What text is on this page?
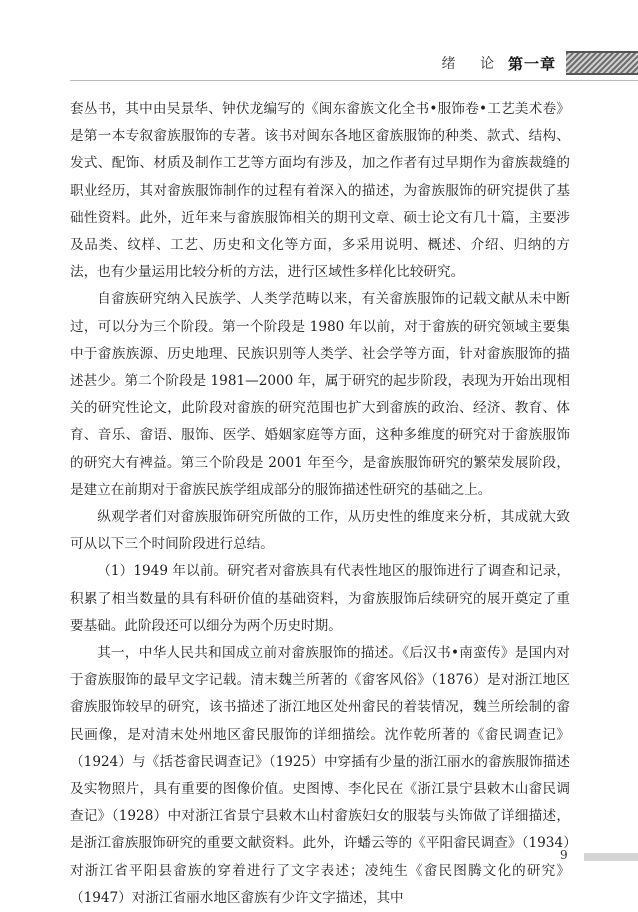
绪 论 第一章

套丛书，其中由吴景华、钟伏龙编写的《闽东畲族文化全书•服饰卷•工艺美术卷》是第一本专叙畲族服饰的专著。该书对闽东各地区畲族服饰的种类、款式、结构、发式、配饰、材质及制作工艺等方面均有涉及，加之作者有过早期作为畲族裁缝的职业经历，其对畲族服饰制作的过程有着深入的描述，为畲族服饰的研究提供了基础性资料。此外，近年来与畲族服饰相关的期刊文章、硕士论文有几十篇，主要涉及品类、纹样、工艺、历史和文化等方面，多采用说明、概述、介绍、归纳的方法，也有少量运用比较分析的方法，进行区域性多样化比较研究。

自畲族研究纳入民族学、人类学范畴以来，有关畲族服饰的记载文献从未中断过，可以分为三个阶段。第一个阶段是 1980 年以前，对于畲族的研究领域主要集中于畲族族源、历史地理、民族识别等人类学、社会学等方面，针对畲族服饰的描述甚少。第二个阶段是 1981—2000 年，属于研究的起步阶段，表现为开始出现相关的研究性论文，此阶段对畲族的研究范围也扩大到畲族的政治、经济、教育、体育、音乐、畲语、服饰、医学、婚姻家庭等方面，这种多维度的研究对于畲族服饰的研究大有裨益。第三个阶段是 2001 年至今，是畲族服饰研究的繁荣发展阶段，是建立在前期对于畲族民族学组成部分的服饰描述性研究的基础之上。

纵观学者们对畲族服饰研究所做的工作，从历史性的维度来分析，其成就大致可从以下三个时间阶段进行总结。

（1）1949 年以前。研究者对畲族具有代表性地区的服饰进行了调查和记录，积累了相当数量的具有科研价值的基础资料，为畲族服饰后续研究的展开奠定了重要基础。此阶段还可以细分为两个历史时期。

其一，中华人民共和国成立前对畲族服饰的描述。《后汉书•南蛮传》是国内对于畲族服饰的最早文字记载。清末魏兰所著的《畲客风俗》（1876）是对浙江地区畲族服饰较早的研究，该书描述了浙江地区处州畲民的着装情况，魏兰所绘制的畲民画像，是对清末处州地区畲民服饰的详细描绘。沈作乾所著的《畲民调查记》（1924）与《括苍畲民调查记》（1925）中穿插有少量的浙江丽水的畲族服饰描述及实物照片，具有重要的图像价值。史图博、李化民在《浙江景宁县敕木山畲民调查记》（1928）中对浙江省景宁县敕木山村畲族妇女的服装与头饰做了详细描述，是浙江畲族服饰研究的重要文献资料。此外，许蟠云等的《平阳畲民调查》（1934）对浙江省平阳县畲族的穿着进行了文字表述；凌纯生《畲民图腾文化的研究》（1947）对浙江省丽水地区畲族有少许文字描述，其中

9
